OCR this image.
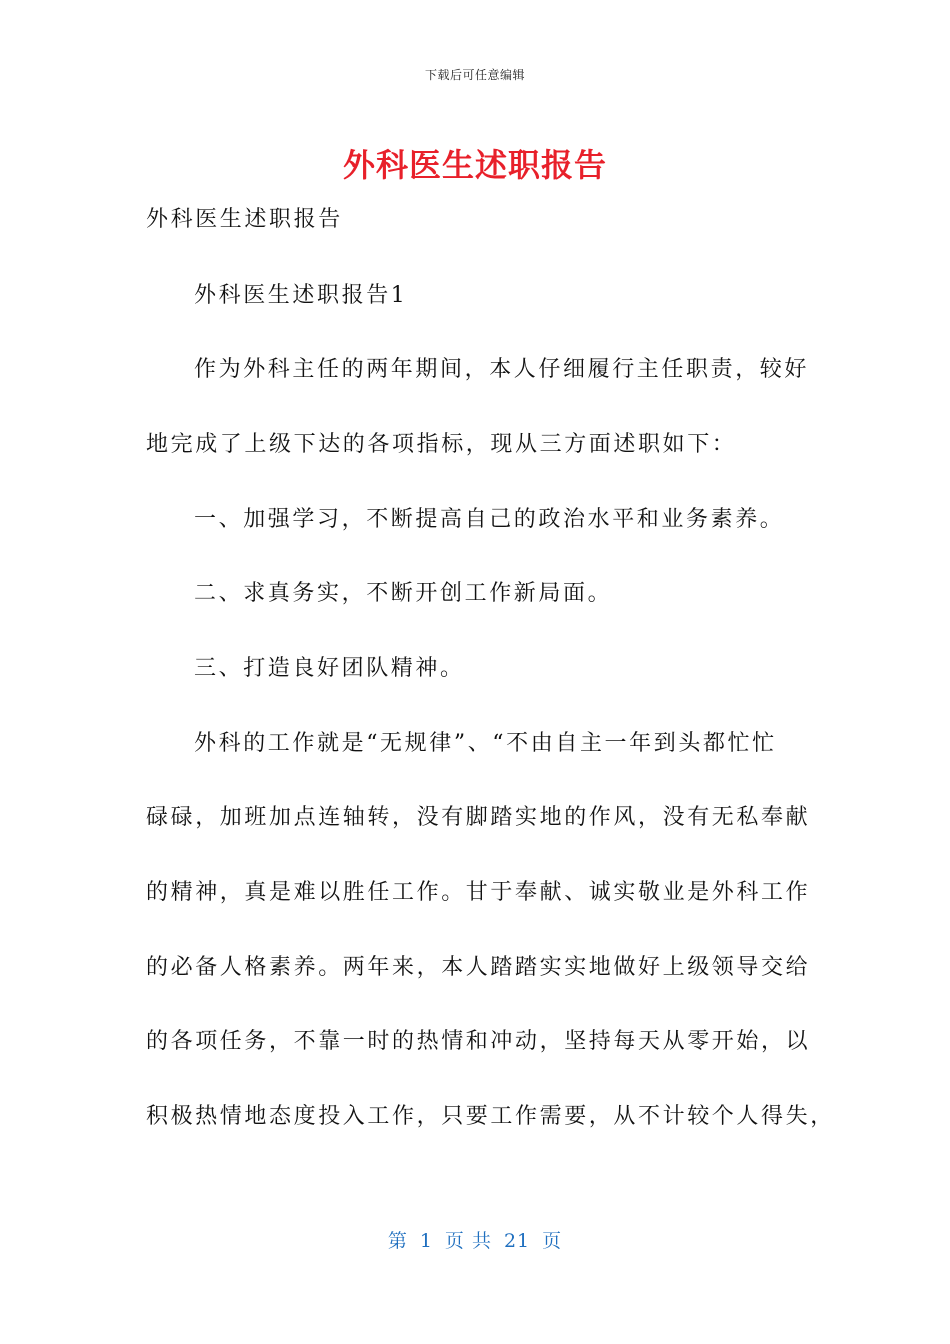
下载后可任意编辑
外科医生述职报告
外科医生述职报告
外科医生述职报告1
作为外科主任的两年期间，本人仔细履行主任职责，较好
地完成了上级下达的各项指标，现从三方面述职如下：
一、加强学习，不断提高自己的政治水平和业务素养。
二、求真务实，不断开创工作新局面。
三、打造良好团队精神。
外科的工作就是“无规律”、“不由自主一年到头都忙忙
碌碌，加班加点连轴转，没有脚踏实地的作风，没有无私奉献
的精神，真是难以胜任工作。甘于奉献、诚实敬业是外科工作
的必备人格素养。两年来，本人踏踏实实地做好上级领导交给
的各项任务，不靠一时的热情和冲动，坚持每天从零开始，以
积极热情地态度投入工作，只要工作需要，从不计较个人得失，
第 1 页 共 21 页
